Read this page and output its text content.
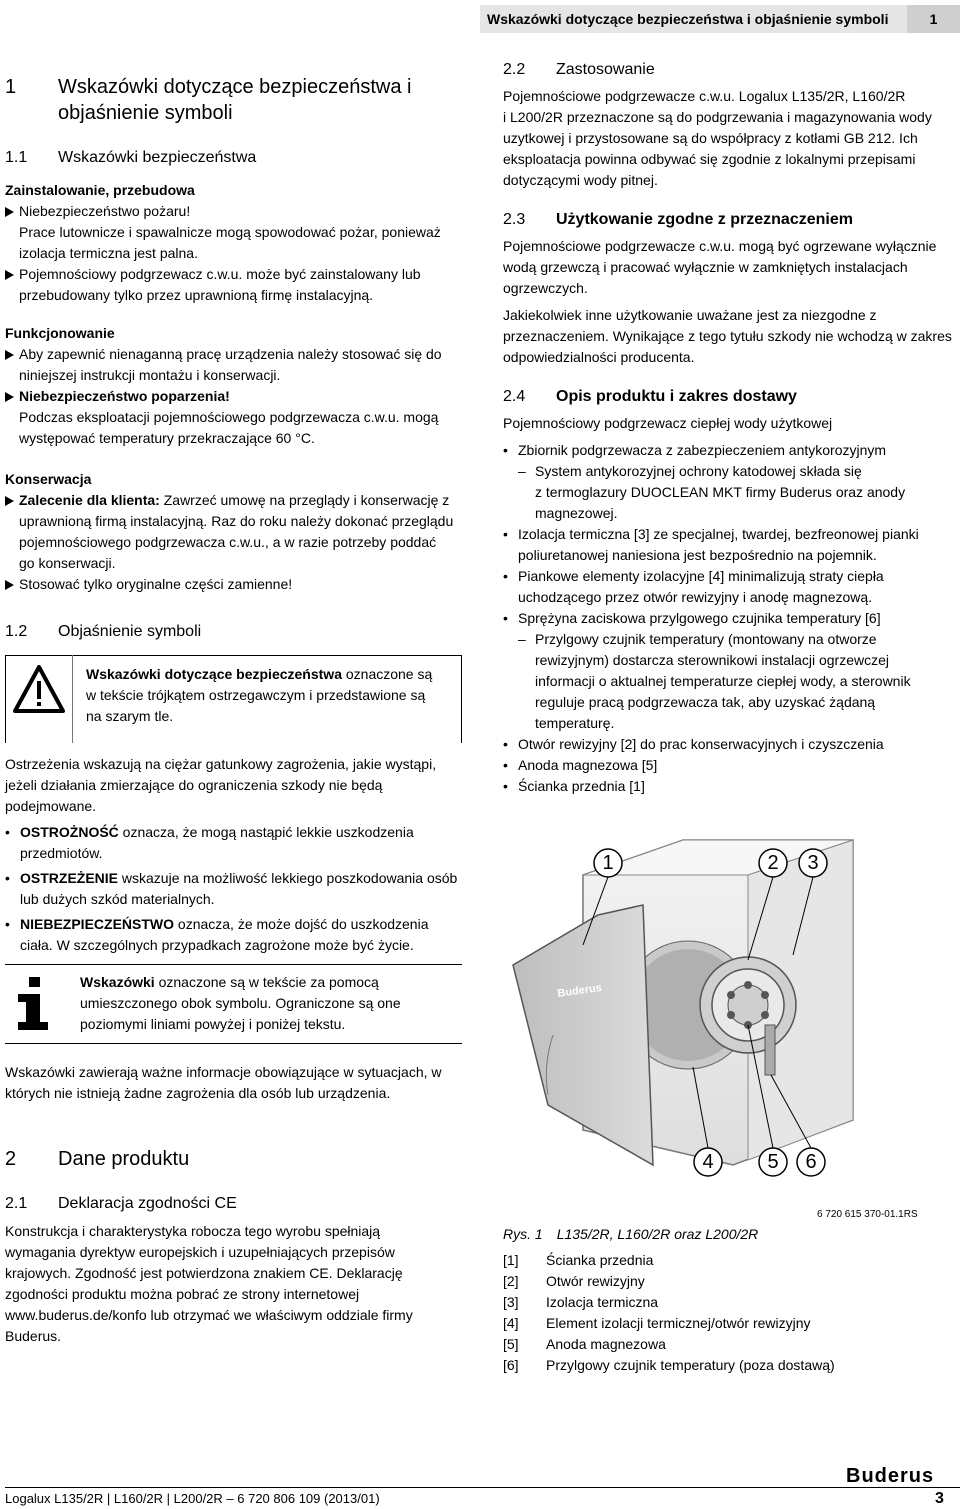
Wskazówki dotyczące bezpieczeństwa i objaśnienie symboli	1
1	Wskazówki dotyczące bezpieczeństwa i
objaśnienie symboli
1.1	Wskazówki bezpieczeństwa
Zainstalowanie, przebudowa
Niebezpieczeństwo pożaru!
Prace lutownicze i spawalnicze mogą spowodować pożar, ponieważ
izolacja termiczna jest palna.
Pojemnościowy podgrzewacz c.w.u. może być zainstalowany lub
przebudowany tylko przez uprawnioną firmę instalacyjną.
Funkcjonowanie
Aby zapewnić nienaganną pracę urządzenia należy stosować się do
niniejszej instrukcji montażu i konserwacji.
Niebezpieczeństwo poparzenia!
Podczas eksploatacji pojemnościowego podgrzewacza c.w.u. mogą
występować temperatury przekraczające 60 °C.
Konserwacja
Zalecenie dla klienta: Zawrzeć umowę na przeglądy i konserwację z
uprawnioną firmą instalacyjną. Raz do roku należy dokonać przeglądu
pojemnościowego podgrzewacza c.w.u., a w razie potrzeby poddać
go konserwacji.
Stosować tylko oryginalne części zamienne!
1.2	Objaśnienie symboli
Wskazówki dotyczące bezpieczeństwa oznaczone są
w tekście trójkątem ostrzegawczym i przedstawione są
na szarym tle.
Ostrzeżenia wskazują na ciężar gatunkowy zagrożenia, jakie wystąpi,
jeżeli działania zmierzające do ograniczenia szkody nie będą
podejmowane.
• OSTROŻNOŚĆ oznacza, że mogą nastąpić lekkie uszkodzenia
przedmiotów.
• OSTRZEŻENIE wskazuje na możliwość lekkiego poszkodowania osób
lub dużych szkód materialnych.
• NIEBEZPIECZEŃSTWO oznacza, że może dojść do uszkodzenia
ciała. W szczególnych przypadkach zagrożone może być życie.
Wskazówki oznaczone są w tekście za pomocą
umieszczonego obok symbolu. Ograniczone są one
poziomymi liniami powyżej i poniżej tekstu.
Wskazówki zawierają ważne informacje obowiązujące w sytuacjach, w
których nie istnieją żadne zagrożenia dla osób lub urządzenia.
2	Dane produktu
2.1	Deklaracja zgodności CE
Konstrukcja i charakterystyka robocza tego wyrobu spełniają
wymagania dyrektyw europejskich i uzupełniających przepisów
krajowych. Zgodność jest potwierdzona znakiem CE. Deklarację
zgodności produktu można pobrać ze strony internetowej
www.buderus.de/konfo lub otrzymać we właściwym oddziale firmy
Buderus.
2.2	Zastosowanie
Pojemnościowe podgrzewacze c.w.u. Logalux L135/2R, L160/2R
i L200/2R przeznaczone są do podgrzewania i magazynowania wody
uzytkowej i przystosowane są do współpracy z kotłami GB 212. Ich
eksploatacja powinna odbywać się zgodnie z lokalnymi przepisami
dotyczącymi wody pitnej.
2.3	Użytkowanie zgodne z przeznaczeniem
Pojemnościowe podgrzewacze c.w.u. mogą być ogrzewane wyłącznie
wodą grzewczą i pracować wyłącznie w zamkniętych instalacjach
ogrzewczych.
Jakiekolwiek inne użytkowanie uważane jest za niezgodne z
przeznaczeniem. Wynikające z tego tytułu szkody nie wchodzą w zakres
odpowiedzialności producenta.
2.4	Opis produktu i zakres dostawy
Pojemnościowy podgrzewacz ciepłej wody użytkowej
• Zbiornik podgrzewacza z zabezpieczeniem antykorozyjnym
– System antykorozyjnej ochrony katodowej składa się
z termoglazury DUOCLEAN MKT firmy Buderus oraz anody
magnezowej.
• Izolacja termiczna [3] ze specjalnej, twardej, bezfreonowej pianki
poliuretanowej naniesiona jest bezpośrednio na pojemnik.
• Piankowe elementy izolacyjne [4] minimalizują straty ciepła
uchodzącego przez otwór rewizyjny i anodę magnezową.
• Sprężyna zaciskowa przylgowego czujnika temperatury [6]
– Przylgowy czujnik temperatury (montowany na otworze
rewizyjnym) dostarcza sterownikowi instalacji ogrzewczej
informacji o aktualnej temperaturze ciepłej wody, a sterownik
reguluje pracą podgrzewacza tak, aby uzyskać żądaną
temperaturę.
• Otwór rewizyjny [2] do prac konserwacyjnych i czyszczenia
• Anoda magnezowa [5]
• Ścianka przednia [1]
Buderus
1	2	3
4	5	6
6 720 615 370-01.1RS
Rys. 1 L135/2R, L160/2R oraz L200/2R
[1]	Ścianka przednia
[2]	Otwór rewizyjny
[3]	Izolacja termiczna
[4]	Element izolacji termicznej/otwór rewizyjny
[5]	Anoda magnezowa
[6]	Przylgowy czujnik temperatury (poza dostawą)
Buderus
Logalux L135/2R | L160/2R | L200/2R – 6 720 806 109 (2013/01)	3
